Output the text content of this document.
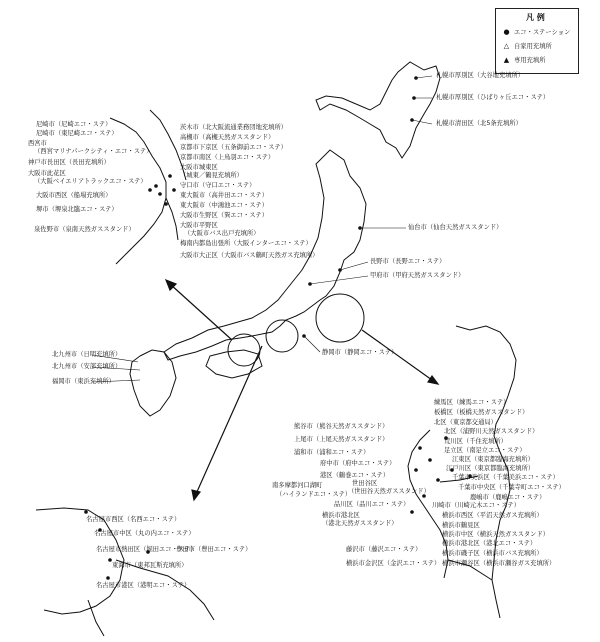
凡 例
● エコ・ステーション
△ 自家用充填所
▲ 専用充填所
札幌市厚別区（大谷地充填所）
札幌市厚別区（ひばりヶ丘エコ・ステ）
札幌市清田区（北5条充填所）
仙台市（仙台天然ガススタンド）
長野市（長野エコ・ステ）
甲府市（甲府天然ガススタンド）
静岡市（静岡エコ・ステ）
尼崎市（尼崎エコ・ステ）
尼崎市（東尼崎エコ・ステ）
西宮市
（西宮マリナパークシティ・エコ・ステ）
神戸市長田区（長田充填所）
大阪市此花区
（大阪ベイエリアトラックエコ・ステ）
大阪市西区（船場充填所）
堺市（堺泉北臨エコ・ステ）
泉佐野市（泉南天然ガススタンド）
茨木市（北大阪流通業務団地充填所）
高槻市（高槻天然ガススタンド）
京都市下京区（五条御前エコ・ステ）
京都市南区（上鳥羽エコ・ステ）
大阪市城東区
（城東／鶴見充填所）
守口市（守口エコ・ステ）
東大阪市（高井田エコ・ステ）
東大阪市（中鴻池エコ・ステ）
大阪市生野区（巽エコ・ステ）
大阪市平野区
（大阪市バス出戸充填所）
梅南内都島出張所（大阪インターエコ・ステ）
大阪市大正区（大阪市バス鶴町天然ガス充填所）
北九州市（日明充填所）
北九州市（安部充填所）
福岡市（東浜充填所）
名古屋市西区（名西エコ・ステ）
名古屋市中区（丸の内エコ・ステ）
名古屋市熱田区（堀田エコ・ステ）
東海市（東邦瓦斯充填所）
名古屋市港区（港明エコ・ステ）
豊田市（豊田エコ・ステ）
熊谷市（熊谷天然ガススタンド）
上尾市（上尾天然ガススタンド）
浦和市（浦和エコ・ステ）
府中市（府中エコ・ステ）
港区（鶴巻エコ・ステ）
南多摩都河口湖町
（ハイランドエコ・ステ）
世田谷区
（世田谷天然ガススタンド）
品川区（品川エコ・ステ）
横浜市港北区
（港北天然ガススタンド）
藤沢市（藤沢エコ・ステ）
横浜市金沢区（金沢エコ・ステ）
練馬区（練馬エコ・ステ）
板橋区（板橋天然ガススタンド）
北区（東京都交通局）
北区（浦野川天然ガススタンド）
荒川区（千住充填所）
足立区（南足立エコ・ステ）
江東区（東京都臨海充填所）
江戸川区（東京都臨海充填所）
千葉市美浜区（千葉美浜エコ・ステ）
千葉市中央区（千葉寺町エコ・ステ）
鹿嶋市（鹿嶋エコ・ステ）
川崎市（川崎元木エコ・ステ）
横浜市西区（平沼天然ガス充填所）
横浜市鶴見区
横浜市中区（横浜天然ガススタンド）
横浜市港北区（港北エコ・ステ）
横浜市磯子区（横浜市バス充填所）
横浜市瀬谷区（横浜市瀬谷ガス充填所）
